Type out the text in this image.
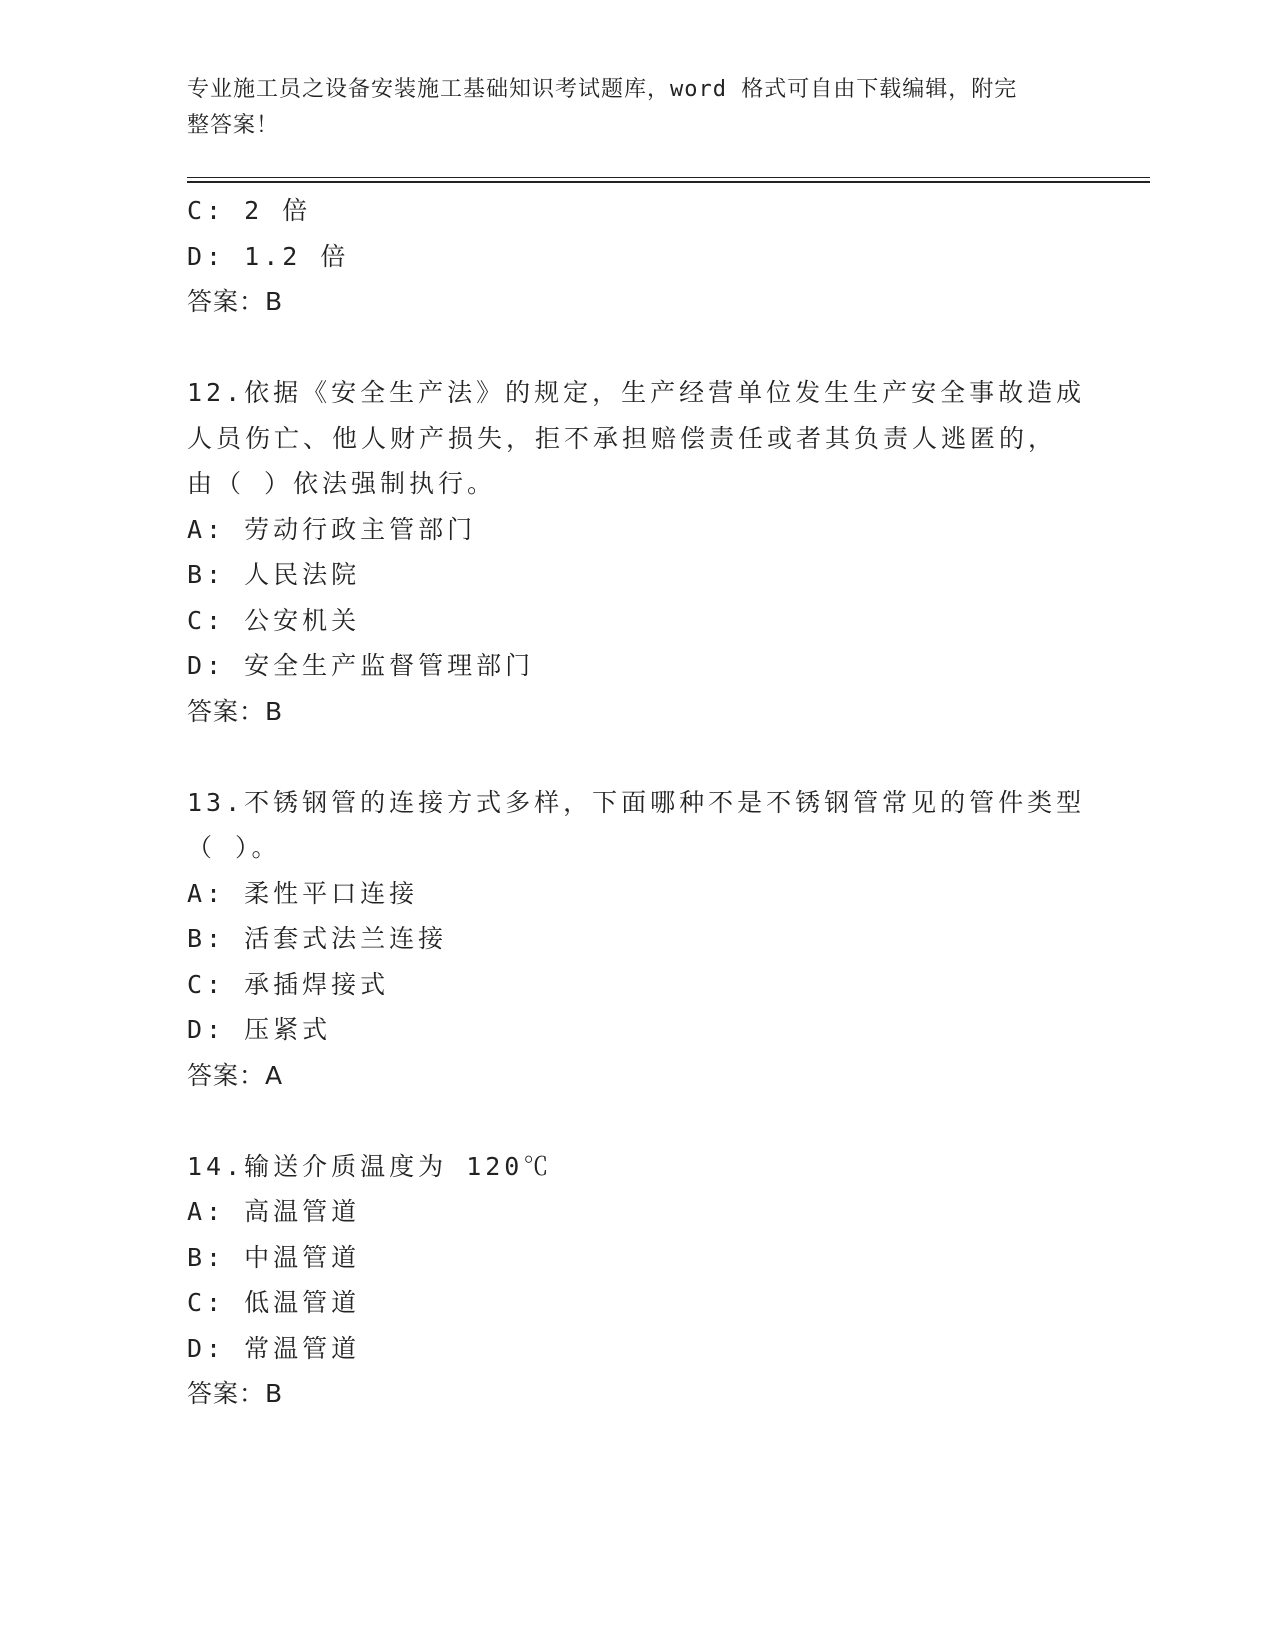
专业施工员之设备安装施工基础知识考试题库，word 格式可自由下载编辑，附完
整答案！
C: 2 倍
D: 1.2 倍
答案：B
12.依据《安全生产法》的规定，生产经营单位发生生产安全事故造成
人员伤亡、他人财产损失，拒不承担赔偿责任或者其负责人逃匿的，
由（ ）依法强制执行。
A: 劳动行政主管部门
B: 人民法院
C: 公安机关
D: 安全生产监督管理部门
答案：B
13.不锈钢管的连接方式多样，下面哪种不是不锈钢管常见的管件类型
（ ）。
A: 柔性平口连接
B: 活套式法兰连接
C: 承插焊接式
D: 压紧式
答案：A
14.输送介质温度为 120℃
A: 高温管道
B: 中温管道
C: 低温管道
D: 常温管道
答案：B
